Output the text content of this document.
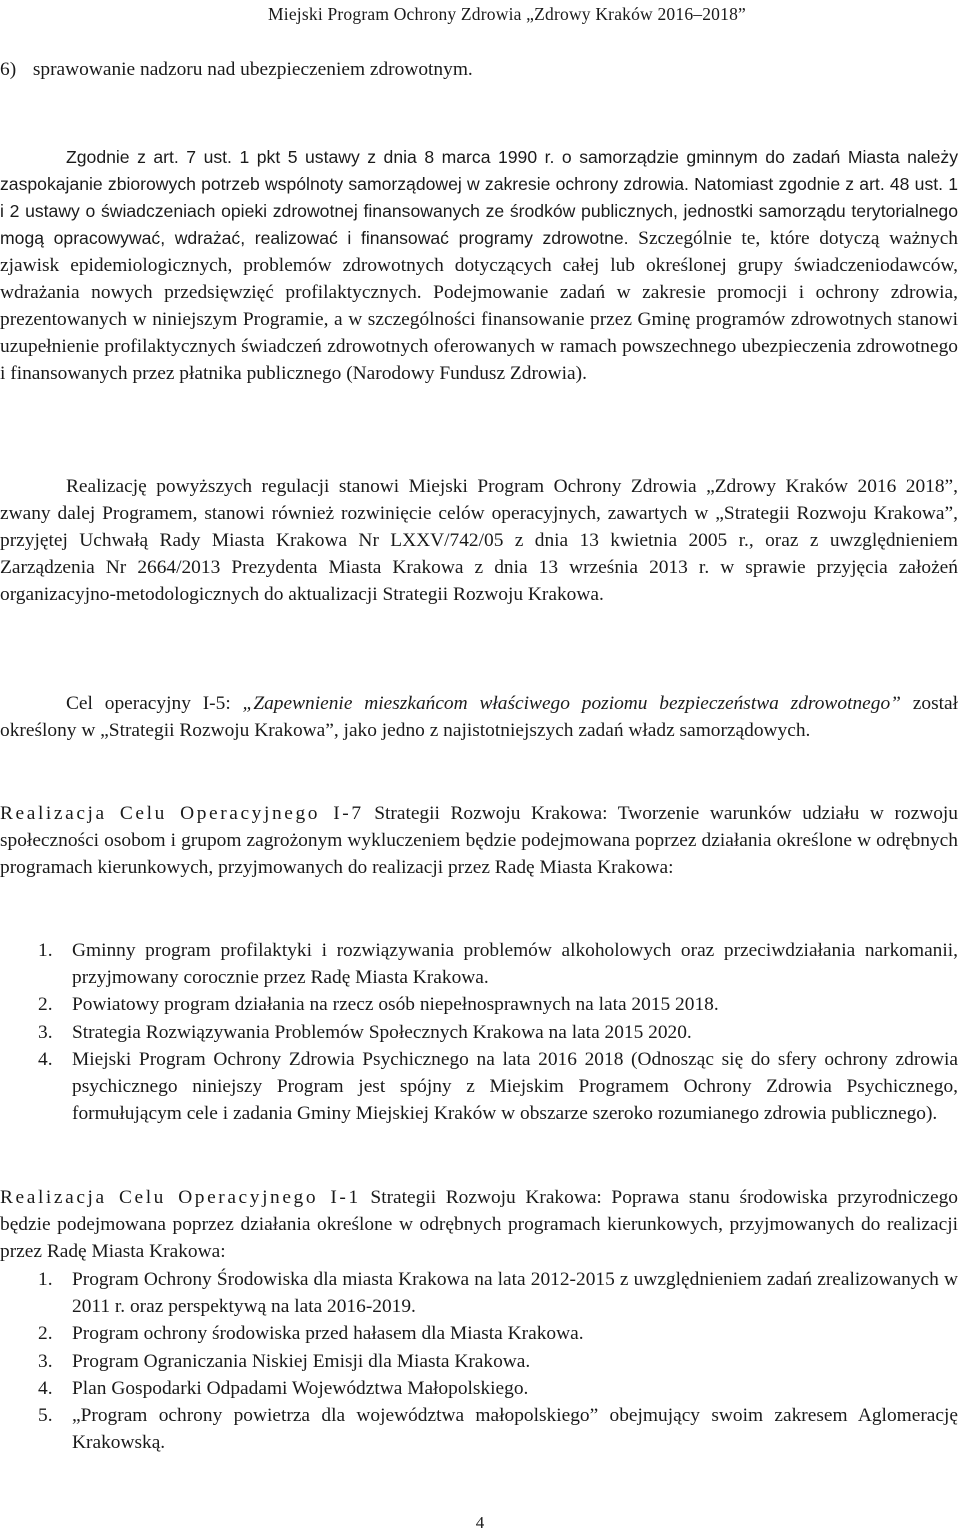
Miejski Program Ochrony Zdrowia „Zdrowy Kraków 2016–2018”
6) sprawowanie nadzoru nad ubezpieczeniem zdrowotnym.
Zgodnie z art. 7 ust. 1 pkt 5 ustawy z dnia 8 marca 1990 r. o samorządzie gminnym do zadań Miasta należy zaspokajanie zbiorowych potrzeb wspólnoty samorządowej w zakresie ochrony zdrowia. Natomiast zgodnie z art. 48 ust. 1 i 2 ustawy o świadczeniach opieki zdrowotnej finansowanych ze środków publicznych, jednostki samorządu terytorialnego mogą opracowywać, wdrażać, realizować i finansować programy zdrowotne. Szczególnie te, które dotyczą ważnych zjawisk epidemiologicznych, problemów zdrowotnych dotyczących całej lub określonej grupy świadczeniodawców, wdrażania nowych przedsięwzięć profilaktycznych. Podejmowanie zadań w zakresie promocji i ochrony zdrowia, prezentowanych w niniejszym Programie, a w szczególności finansowanie przez Gminę programów zdrowotnych stanowi uzupełnienie profilaktycznych świadczeń zdrowotnych oferowanych w ramach powszechnego ubezpieczenia zdrowotnego i finansowanych przez płatnika publicznego (Narodowy Fundusz Zdrowia).
Realizację powyższych regulacji stanowi Miejski Program Ochrony Zdrowia „Zdrowy Kraków 2016 2018”, zwany dalej Programem, stanowi również rozwinięcie celów operacyjnych, zawartych w „Strategii Rozwoju Krakowa”, przyjętej Uchwałą Rady Miasta Krakowa Nr LXXV/742/05 z dnia 13 kwietnia 2005 r., oraz z uwzględnieniem Zarządzenia Nr 2664/2013 Prezydenta Miasta Krakowa z dnia 13 września 2013 r. w sprawie przyjęcia założeń organizacyjno-metodologicznych do aktualizacji Strategii Rozwoju Krakowa.
Cel operacyjny I-5: „Zapewnienie mieszkańcom właściwego poziomu bezpieczeństwa zdrowotnego” został określony w „Strategii Rozwoju Krakowa”, jako jedno z najistotniejszych zadań władz samorządowych.
Realizacja Celu Operacyjnego I-7 Strategii Rozwoju Krakowa: Tworzenie warunków udziału w rozwoju społeczności osobom i grupom zagrożonym wykluczeniem będzie podejmowana poprzez działania określone w odrębnych programach kierunkowych, przyjmowanych do realizacji przez Radę Miasta Krakowa:
1. Gminny program profilaktyki i rozwiązywania problemów alkoholowych oraz przeciwdziałania narkomanii, przyjmowany corocznie przez Radę Miasta Krakowa.
2. Powiatowy program działania na rzecz osób niepełnosprawnych na lata 2015 2018.
3. Strategia Rozwiązywania Problemów Społecznych Krakowa na lata 2015 2020.
4. Miejski Program Ochrony Zdrowia Psychicznego na lata 2016 2018 (Odnosząc się do sfery ochrony zdrowia psychicznego niniejszy Program jest spójny z Miejskim Programem Ochrony Zdrowia Psychicznego, formułującym cele i zadania Gminy Miejskiej Kraków w obszarze szeroko rozumianego zdrowia publicznego).
Realizacja Celu Operacyjnego I-1 Strategii Rozwoju Krakowa: Poprawa stanu środowiska przyrodniczego będzie podejmowana poprzez działania określone w odrębnych programach kierunkowych, przyjmowanych do realizacji przez Radę Miasta Krakowa:
1. Program Ochrony Środowiska dla miasta Krakowa na lata 2012-2015 z uwzględnieniem zadań zrealizowanych w 2011 r. oraz perspektywą na lata 2016-2019.
2. Program ochrony środowiska przed hałasem dla Miasta Krakowa.
3. Program Ograniczania Niskiej Emisji dla Miasta Krakowa.
4. Plan Gospodarki Odpadami Województwa Małopolskiego.
5. „Program ochrony powietrza dla województwa małopolskiego” obejmujący swoim zakresem Aglomerację Krakowską.
4
